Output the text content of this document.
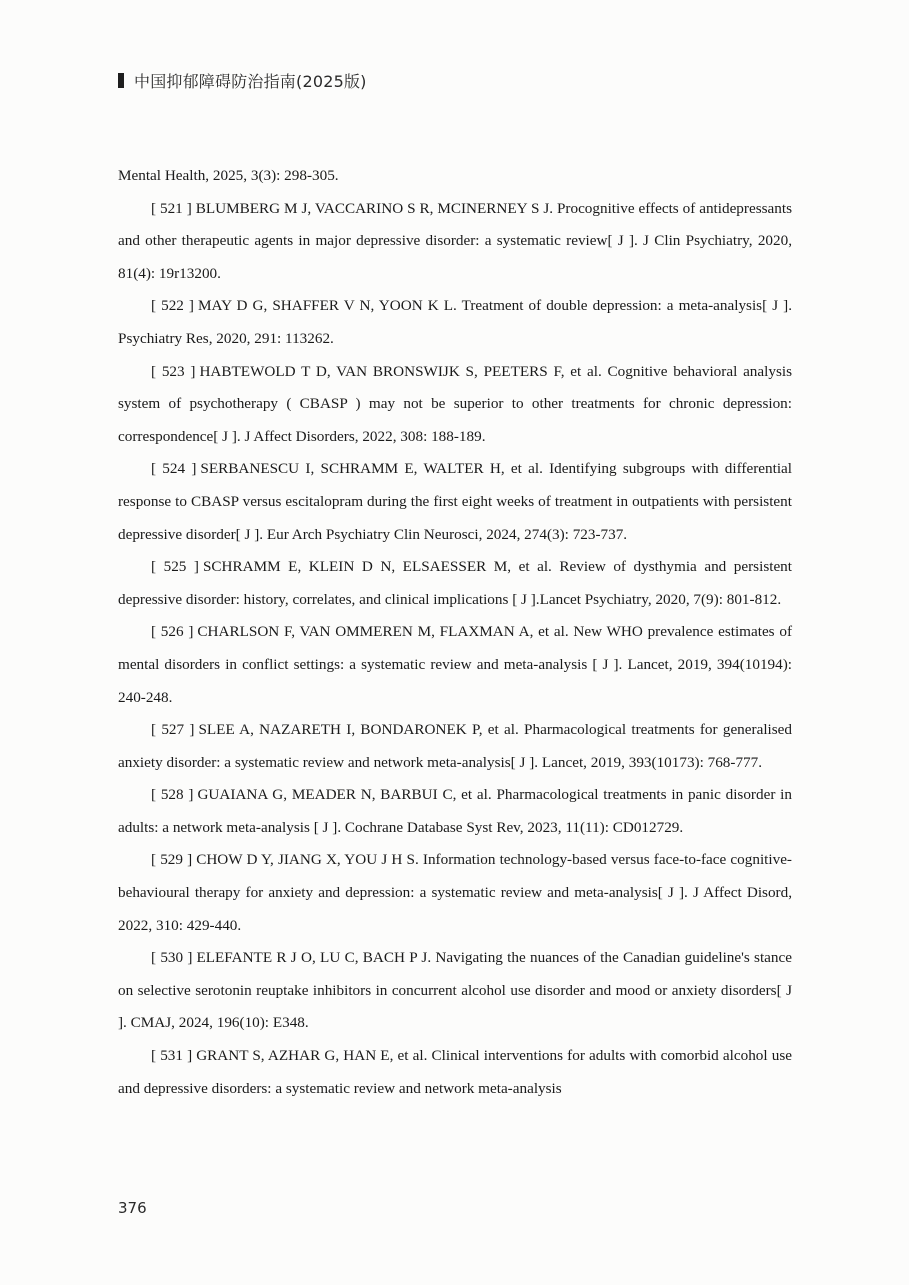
中国抑郁障碍防治指南(2025版)

Mental Health, 2025, 3(3): 298-305.

[ 521 ] BLUMBERG M J, VACCARINO S R, MCINERNEY S J. Procognitive effects of antidepressants and other therapeutic agents in major depressive disorder: a systematic review[ J ]. J Clin Psychiatry, 2020, 81(4): 19r13200.

[ 522 ] MAY D G, SHAFFER V N, YOON K L. Treatment of double depression: a meta-analysis[ J ]. Psychiatry Res, 2020, 291: 113262.

[ 523 ] HABTEWOLD T D, VAN BRONSWIJK S, PEETERS F, et al. Cognitive behavioral analysis system of psychotherapy ( CBASP ) may not be superior to other treatments for chronic depression: correspondence[ J ]. J Affect Disorders, 2022, 308: 188-189.

[ 524 ] SERBANESCU I, SCHRAMM E, WALTER H, et al. Identifying subgroups with differential response to CBASP versus escitalopram during the first eight weeks of treatment in outpatients with persistent depressive disorder[ J ]. Eur Arch Psychiatry Clin Neurosci, 2024, 274(3): 723-737.

[ 525 ] SCHRAMM E, KLEIN D N, ELSAESSER M, et al. Review of dysthymia and persistent depressive disorder: history, correlates, and clinical implications [ J ].Lancet Psychiatry, 2020, 7(9): 801-812.

[ 526 ] CHARLSON F, VAN OMMEREN M, FLAXMAN A, et al. New WHO prevalence estimates of mental disorders in conflict settings: a systematic review and meta-analysis [ J ]. Lancet, 2019, 394(10194): 240-248.

[ 527 ] SLEE A, NAZARETH I, BONDARONEK P, et al. Pharmacological treatments for generalised anxiety disorder: a systematic review and network meta-analysis[ J ]. Lancet, 2019, 393(10173): 768-777.

[ 528 ] GUAIANA G, MEADER N, BARBUI C, et al. Pharmacological treatments in panic disorder in adults: a network meta-analysis [ J ]. Cochrane Database Syst Rev, 2023, 11(11): CD012729.

[ 529 ] CHOW D Y, JIANG X, YOU J H S. Information technology-based versus face-to-face cognitive-behavioural therapy for anxiety and depression: a systematic review and meta-analysis[ J ]. J Affect Disord, 2022, 310: 429-440.

[ 530 ] ELEFANTE R J O, LU C, BACH P J. Navigating the nuances of the Canadian guideline's stance on selective serotonin reuptake inhibitors in concurrent alcohol use disorder and mood or anxiety disorders[ J ]. CMAJ, 2024, 196(10): E348.

[ 531 ] GRANT S, AZHAR G, HAN E, et al. Clinical interventions for adults with comorbid alcohol use and depressive disorders: a systematic review and network meta-analysis

376
